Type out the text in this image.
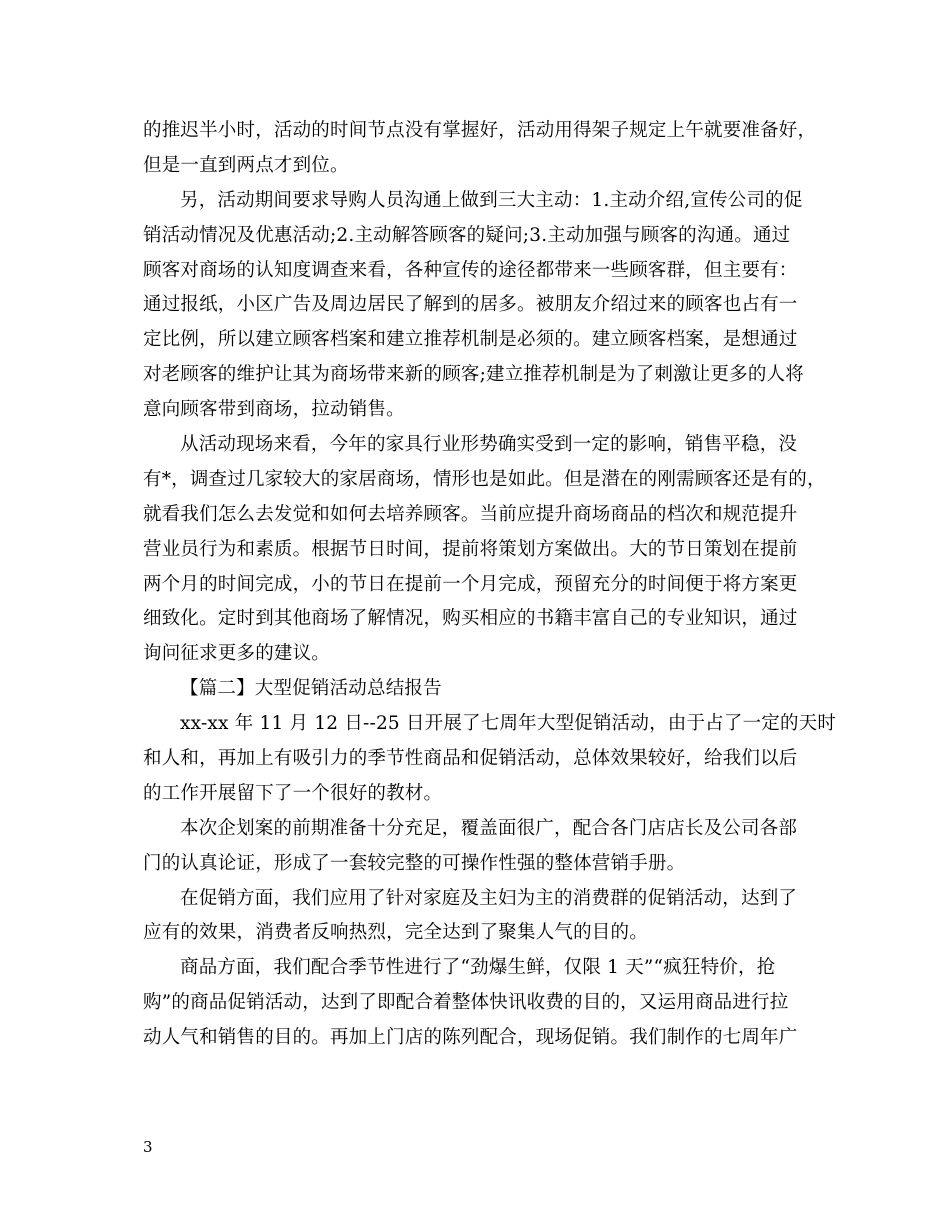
的推迟半小时，活动的时间节点没有掌握好，活动用得架子规定上午就要准备好，
但是一直到两点才到位。
另，活动期间要求导购人员沟通上做到三大主动：1.主动介绍,宣传公司的促
销活动情况及优惠活动;2.主动解答顾客的疑问;3.主动加强与顾客的沟通。通过
顾客对商场的认知度调查来看，各种宣传的途径都带来一些顾客群，但主要有：
通过报纸，小区广告及周边居民了解到的居多。被朋友介绍过来的顾客也占有一
定比例，所以建立顾客档案和建立推荐机制是必须的。建立顾客档案，是想通过
对老顾客的维护让其为商场带来新的顾客;建立推荐机制是为了刺激让更多的人将
意向顾客带到商场，拉动销售。
从活动现场来看，今年的家具行业形势确实受到一定的影响，销售平稳，没
有*，调查过几家较大的家居商场，情形也是如此。但是潜在的刚需顾客还是有的，
就看我们怎么去发觉和如何去培养顾客。当前应提升商场商品的档次和规范提升
营业员行为和素质。根据节日时间，提前将策划方案做出。大的节日策划在提前
两个月的时间完成，小的节日在提前一个月完成，预留充分的时间便于将方案更
细致化。定时到其他商场了解情况，购买相应的书籍丰富自己的专业知识，通过
询问征求更多的建议。
【篇二】大型促销活动总结报告
xx-xx 年 11 月 12 日--25 日开展了七周年大型促销活动，由于占了一定的天时
和人和，再加上有吸引力的季节性商品和促销活动，总体效果较好，给我们以后
的工作开展留下了一个很好的教材。
本次企划案的前期准备十分充足，覆盖面很广，配合各门店店长及公司各部
门的认真论证，形成了一套较完整的可操作性强的整体营销手册。
在促销方面，我们应用了针对家庭及主妇为主的消费群的促销活动，达到了
应有的效果，消费者反响热烈，完全达到了聚集人气的目的。
商品方面，我们配合季节性进行了“劲爆生鲜，仅限 1 天”“疯狂特价，抢
购”的商品促销活动，达到了即配合着整体快讯收费的目的，又运用商品进行拉
动人气和销售的目的。再加上门店的陈列配合，现场促销。我们制作的七周年广
3
